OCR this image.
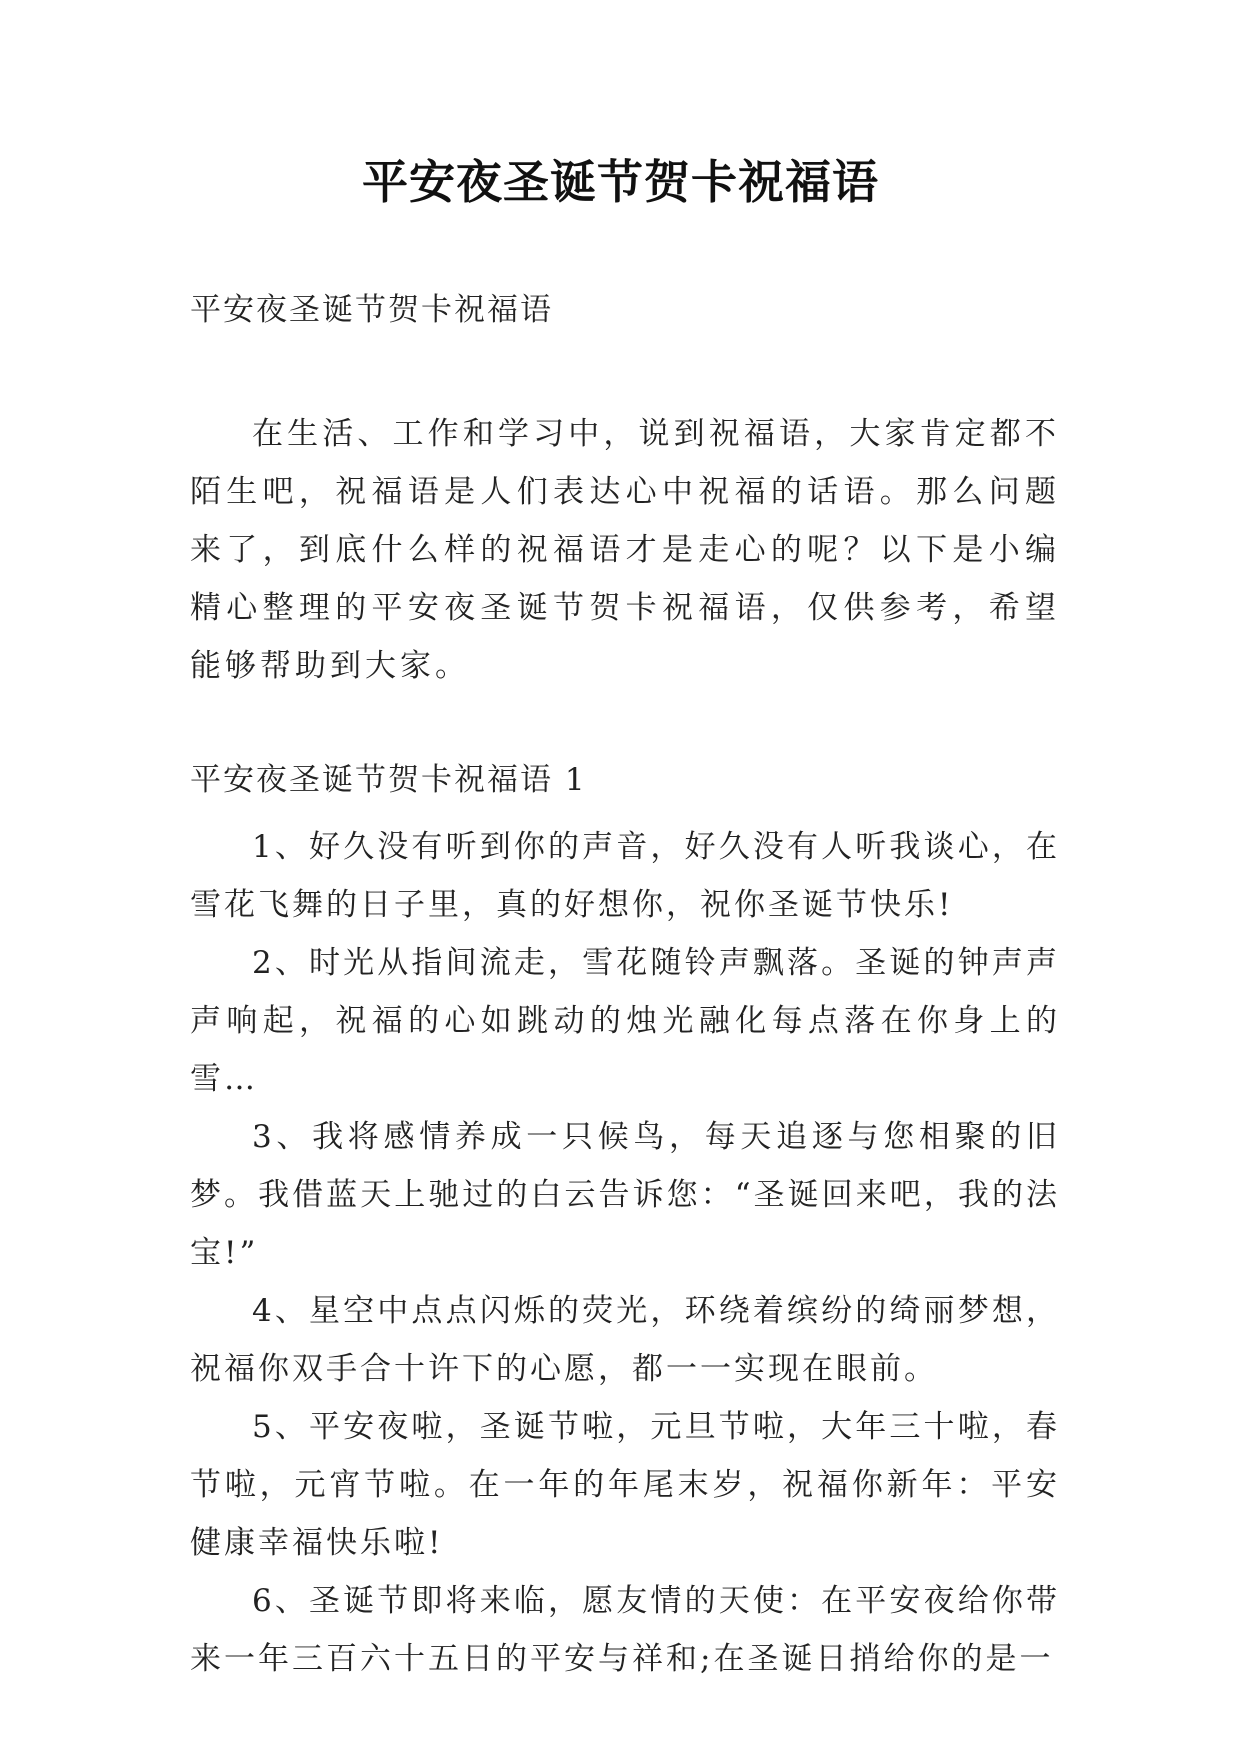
平安夜圣诞节贺卡祝福语
平安夜圣诞节贺卡祝福语

在生活、工作和学习中，说到祝福语，大家肯定都不陌生吧，祝福语是人们表达心中祝福的话语。那么问题来了，到底什么样的祝福语才是走心的呢？以下是小编精心整理的平安夜圣诞节贺卡祝福语，仅供参考，希望能够帮助到大家。

平安夜圣诞节贺卡祝福语 1

1、好久没有听到你的声音，好久没有人听我谈心，在雪花飞舞的日子里，真的好想你，祝你圣诞节快乐!

2、时光从指间流走，雪花随铃声飘落。圣诞的钟声声声响起，祝福的心如跳动的烛光融化每点落在你身上的雪…

3、我将感情养成一只候鸟，每天追逐与您相聚的旧梦。我借蓝天上驰过的白云告诉您：“圣诞回来吧，我的法宝!”

4、星空中点点闪烁的荧光，环绕着缤纷的绮丽梦想，祝福你双手合十许下的心愿，都一一实现在眼前。

5、平安夜啦，圣诞节啦，元旦节啦，大年三十啦，春节啦，元宵节啦。在一年的年尾末岁，祝福你新年：平安健康幸福快乐啦!

6、圣诞节即将来临，愿友情的天使：在平安夜给你带来一年三百六十五日的平安与祥和;在圣诞日捎给你的是一
